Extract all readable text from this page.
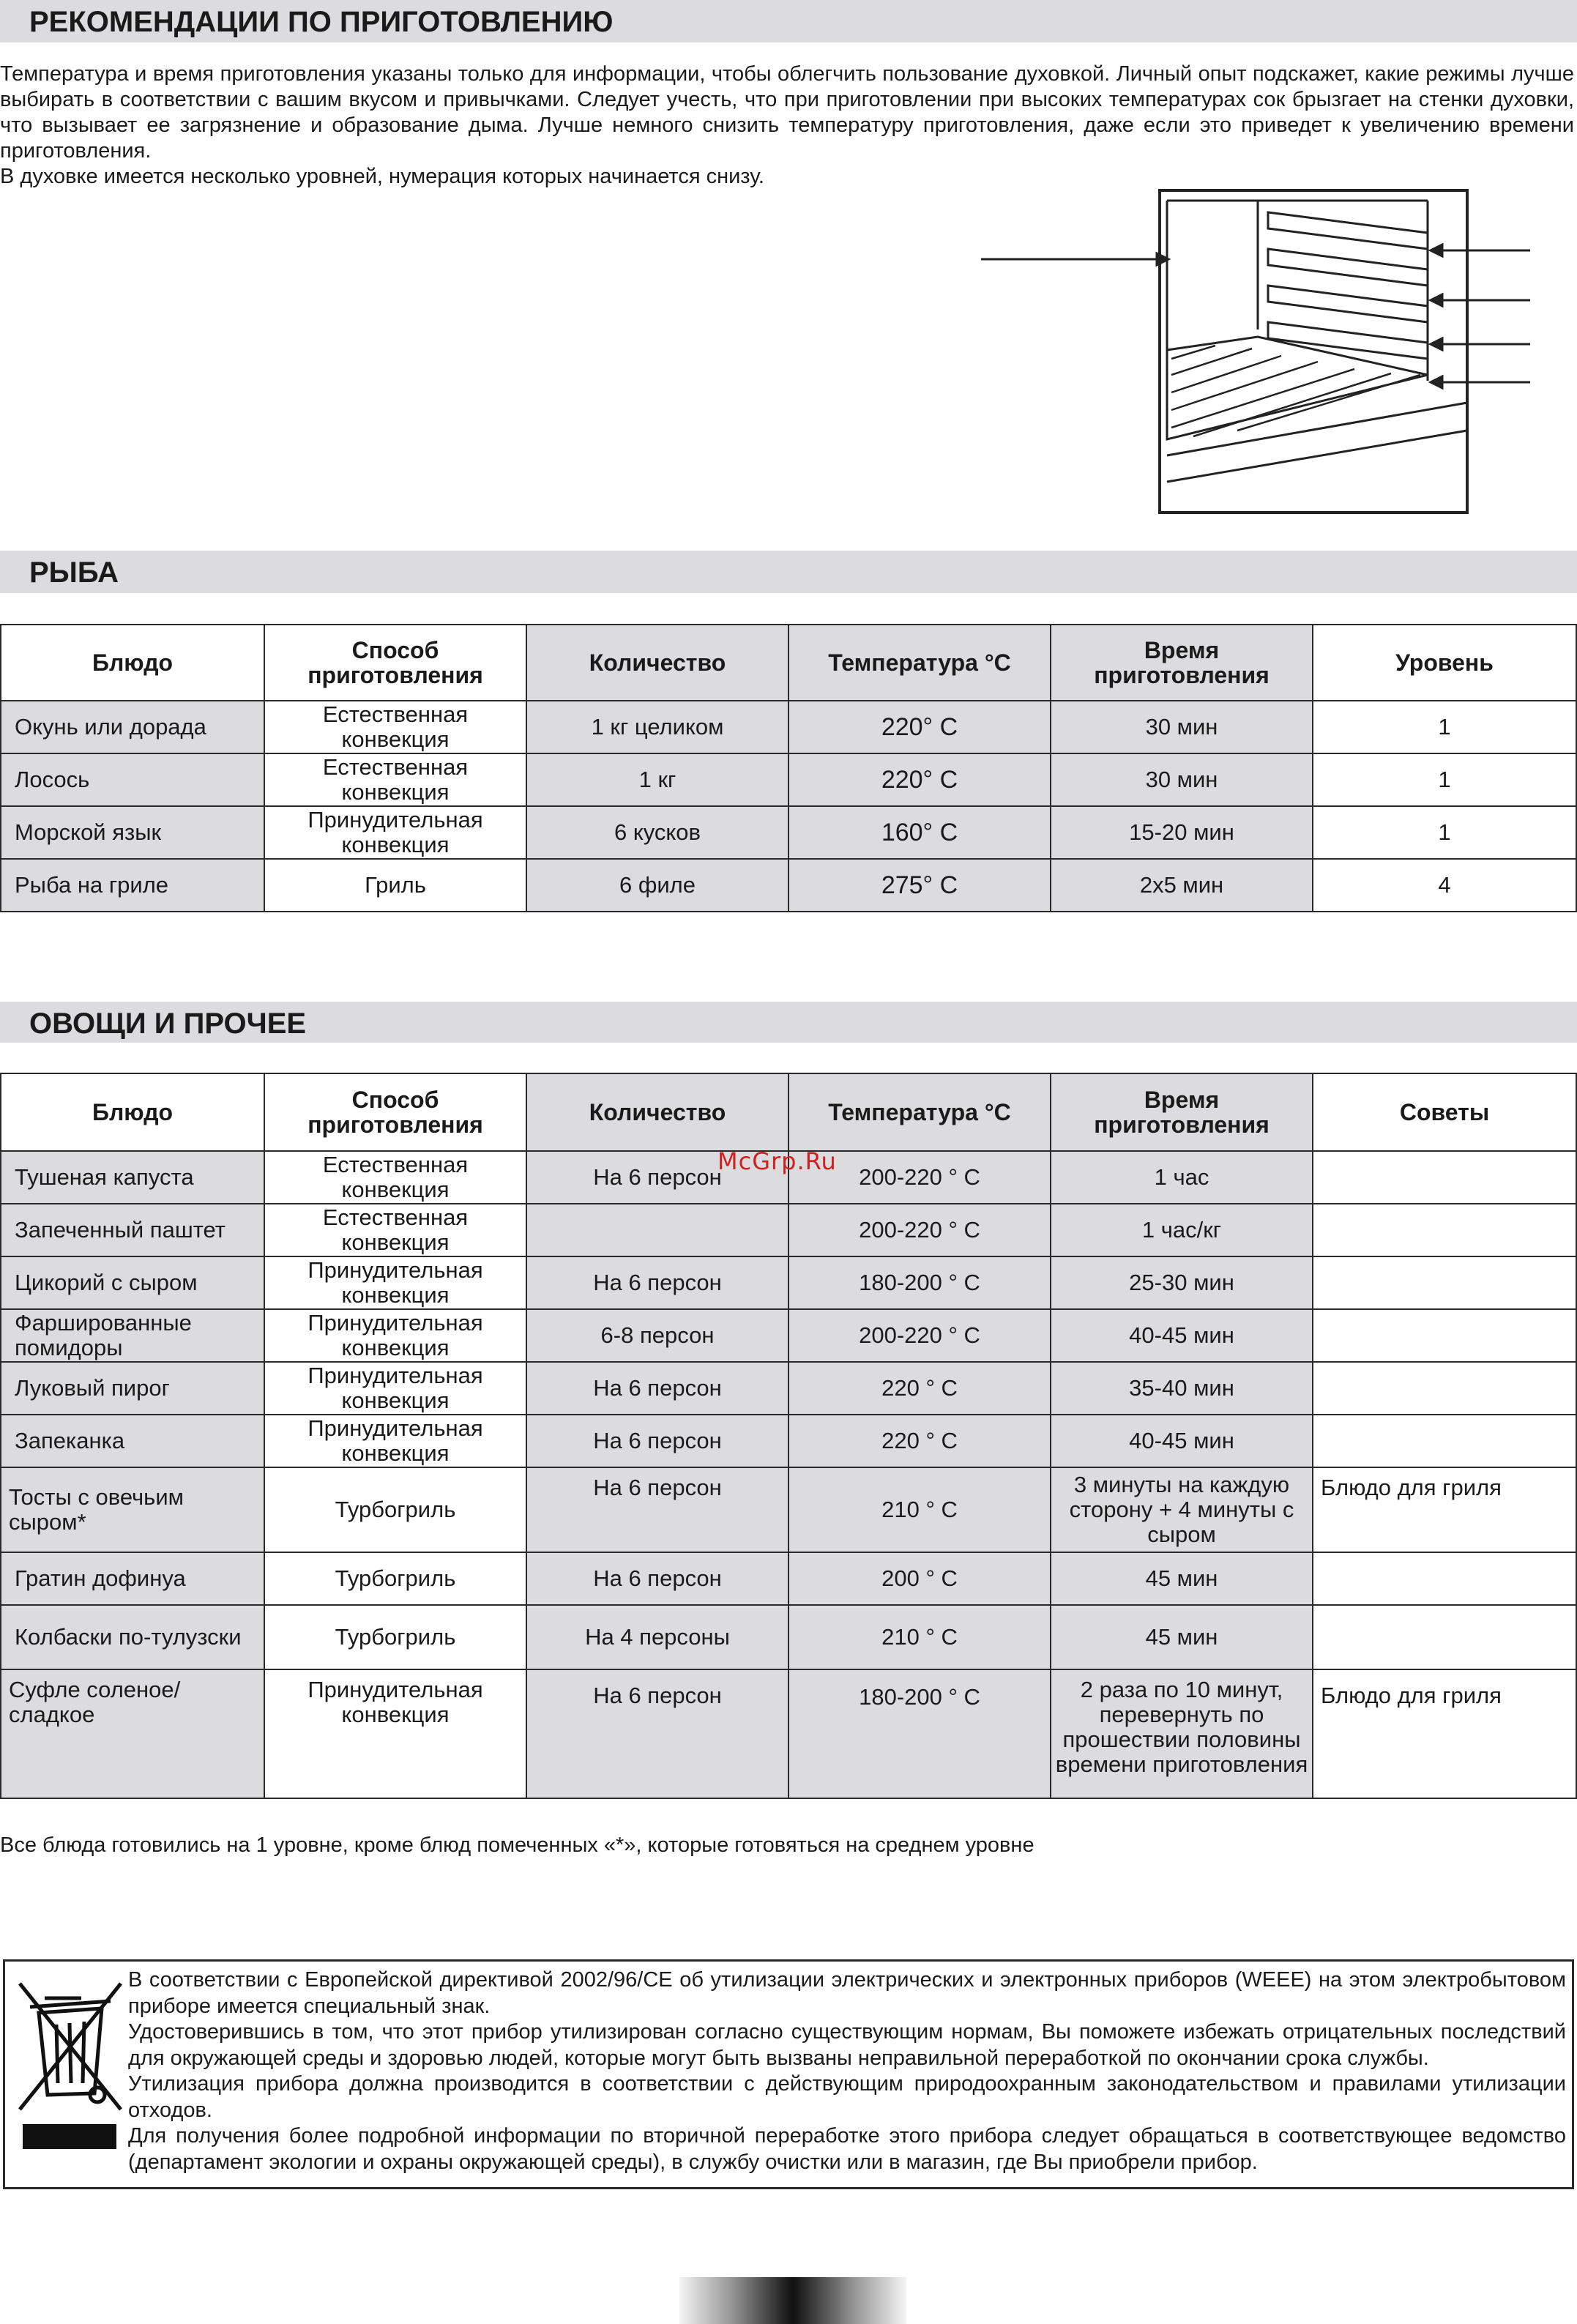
РЕКОМЕНДАЦИИ ПО ПРИГОТОВЛЕНИЮ

Температура и время приготовления указаны только для информации, чтобы облегчить пользование духовкой. Личный опыт подскажет, какие режимы лучше выбирать в соответствии с вашим вкусом и привычками. Следует учесть, что при приготовлении при высоких температурах сок брызгает на стенки духовки, что вызывает ее загрязнение и образование дыма. Лучше немного снизить температуру приготовления, даже если это приведет к увеличению времени приготовления.

В духовке имеется несколько уровней, нумерация которых начинается снизу.

РЫБА
Блюдо	Способ приготовления	Количество	Температура °C	Время приготовления	Уровень
Окунь или дорада	Естественная конвекция	1 кг целиком	220° C	30 мин	1
Лосось	Естественная конвекция	1 кг	220° C	30 мин	1
Морской язык	Принудительная конвекция	6 кусков	160° C	15-20 мин	1
Рыба на гриле	Гриль	6 филе	275° C	2x5 мин	4
ОВОЩИ И ПРОЧЕЕ
Блюдо	Способ приготовления	Количество	Температура °C	Время приготовления	Советы
Тушеная капуста	Естественная конвекция	На 6 персон	200-220 ° C	1 час	
Запеченный паштет	Естественная конвекция		200-220 ° C	1 час/кг	
Цикорий с сыром	Принудительная конвекция	На 6 персон	180-200 ° C	25-30 мин	
Фаршированные помидоры	Принудительная конвекция	6-8 персон	200-220 ° C	40-45 мин	
Луковый пирог	Принудительная конвекция	На 6 персон	220 ° C	35-40 мин	
Запеканка	Принудительная конвекция	На 6 персон	220 ° C	40-45 мин	
Тосты с овечьим сыром*	Турбогриль	На 6 персон	210 ° C	3 минуты на каждую сторону + 4 минуты с сыром	Блюдо для гриля
Гратин дофинуа	Турбогриль	На 6 персон	200 ° C	45 мин	
Колбаски по-тулузски	Турбогриль	На 4 персоны	210 ° C	45 мин	
Суфле соленое/сладкое	Принудительная конвекция	На 6 персон	180-200 ° C	2 раза по 10 минут, перевернуть по прошествии половины времени приготовления	Блюдо для гриля
McGrp.Ru
Все блюда готовились на 1 уровне, кроме блюд помеченных «*», которые готовяться на среднем уровне

В соответствии с Европейской директивой 2002/96/CE об утилизации электрических и электронных приборов (WEEE) на этом электробытовом приборе имеется специальный знак.

Удостоверившись в том, что этот прибор утилизирован согласно существующим нормам, Вы поможете избежать отрицательных последствий для окружающей среды и здоровью людей, которые могут быть вызваны неправильной переработкой по окончании срока службы.

Утилизация прибора должна производится в соответствии с действующим природоохранным законодательством и правилами утилизации отходов.

Для получения более подробной информации по вторичной переработке этого прибора следует обращаться в соответствующее ведомство (департамент экологии и охраны окружающей среды), в службу очистки или в магазин, где Вы приобрели прибор.
